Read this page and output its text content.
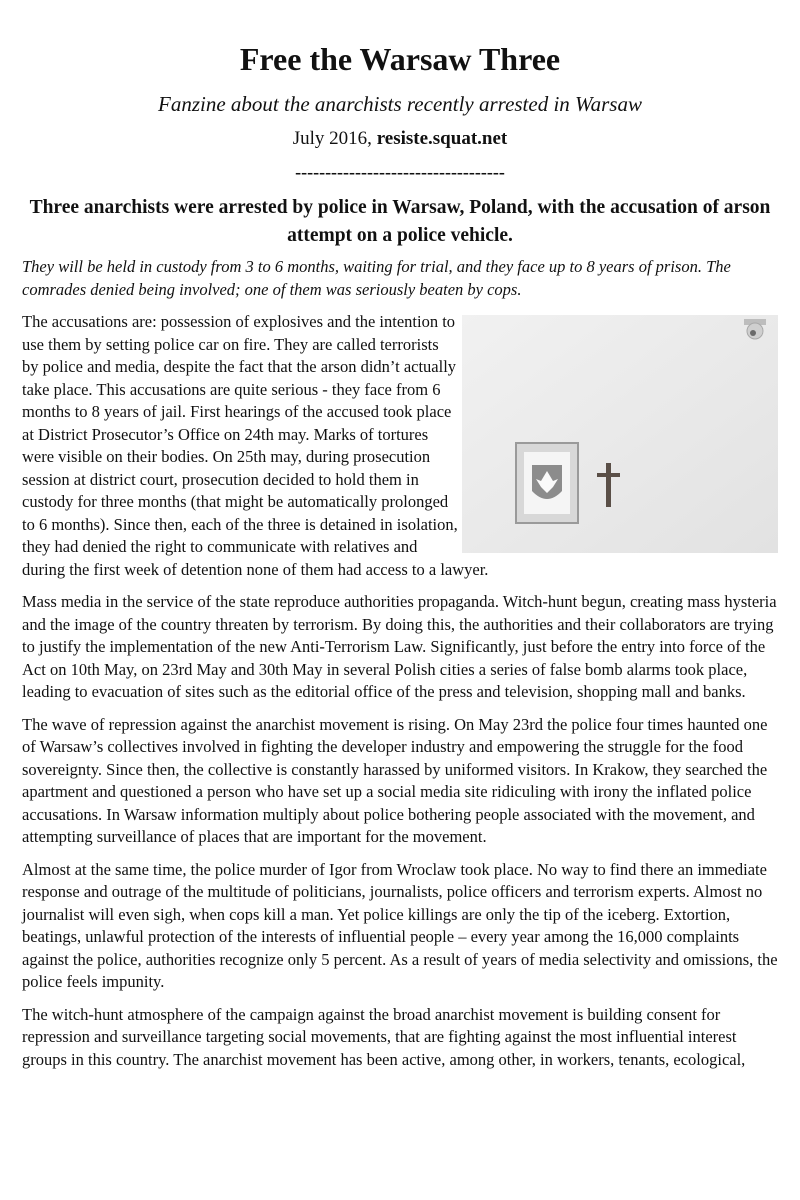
Free the Warsaw Three

Fanzine about the anarchists recently arrested in Warsaw

July 2016, resiste.squat.net

-----------------------------------

Three anarchists were arrested by police in Warsaw, Poland, with the accusation of arson attempt on a police vehicle.

They will be held in custody from 3 to 6 months, waiting for trial, and they face up to 8 years of prison. The comrades denied being involved; one of them was seriously beaten by cops.

The accusations are: possession of explosives and the intention to use them by setting police car on fire. They are called terrorists by police and media, despite the fact that the arson didn’t actually take place. This accusations are quite serious - they face from 6 months to 8 years of jail. First hearings of the accused took place at District Prosecutor’s Office on 24th may. Marks of tortures were visible on their bodies. On 25th may, during prosecution session at district court, prosecution decided to hold them in custody for three months (that might be automatically prolonged to 6 months). Since then, each of the three is detained in isolation, they had denied the right to communicate with relatives and during the first week of detention none of them had access to a lawyer.

Mass media in the service of the state reproduce authorities propaganda. Witch-hunt begun, creating mass hysteria and the image of the country threaten by terrorism. By doing this, the authorities and their collaborators are trying to justify the implementation of the new Anti-Terrorism Law. Significantly, just before the entry into force of the Act on 10th May, on 23rd May and 30th May in several Polish cities a series of false bomb alarms took place, leading to evacuation of sites such as the editorial office of the press and television, shopping mall and banks.

The wave of repression against the anarchist movement is rising. On May 23rd the police four times haunted one of Warsaw’s collectives involved in fighting the developer industry and empowering the struggle for the food sovereignty. Since then, the collective is constantly harassed by uniformed visitors. In Krakow, they searched the apartment and questioned a person who have set up a social media site ridiculing with irony the inflated police accusations. In Warsaw information multiply about police bothering people associated with the movement, and attempting surveillance of places that are important for the movement.

Almost at the same time, the police murder of Igor from Wroclaw took place. No way to find there an immediate response and outrage of the multitude of politicians, journalists, police officers and terrorism experts. Almost no journalist will even sigh, when cops kill a man. Yet police killings are only the tip of the iceberg. Extortion, beatings, unlawful protection of the interests of influential people – every year among the 16,000 complaints against the police, authorities recognize only 5 percent. As a result of years of media selectivity and omissions, the police feels impunity.

The witch-hunt atmosphere of the campaign against the broad anarchist movement is building consent for repression and surveillance targeting social movements, that are fighting against the most influential interest groups in this country. The anarchist movement has been active, among other, in workers, tenants, ecological,
